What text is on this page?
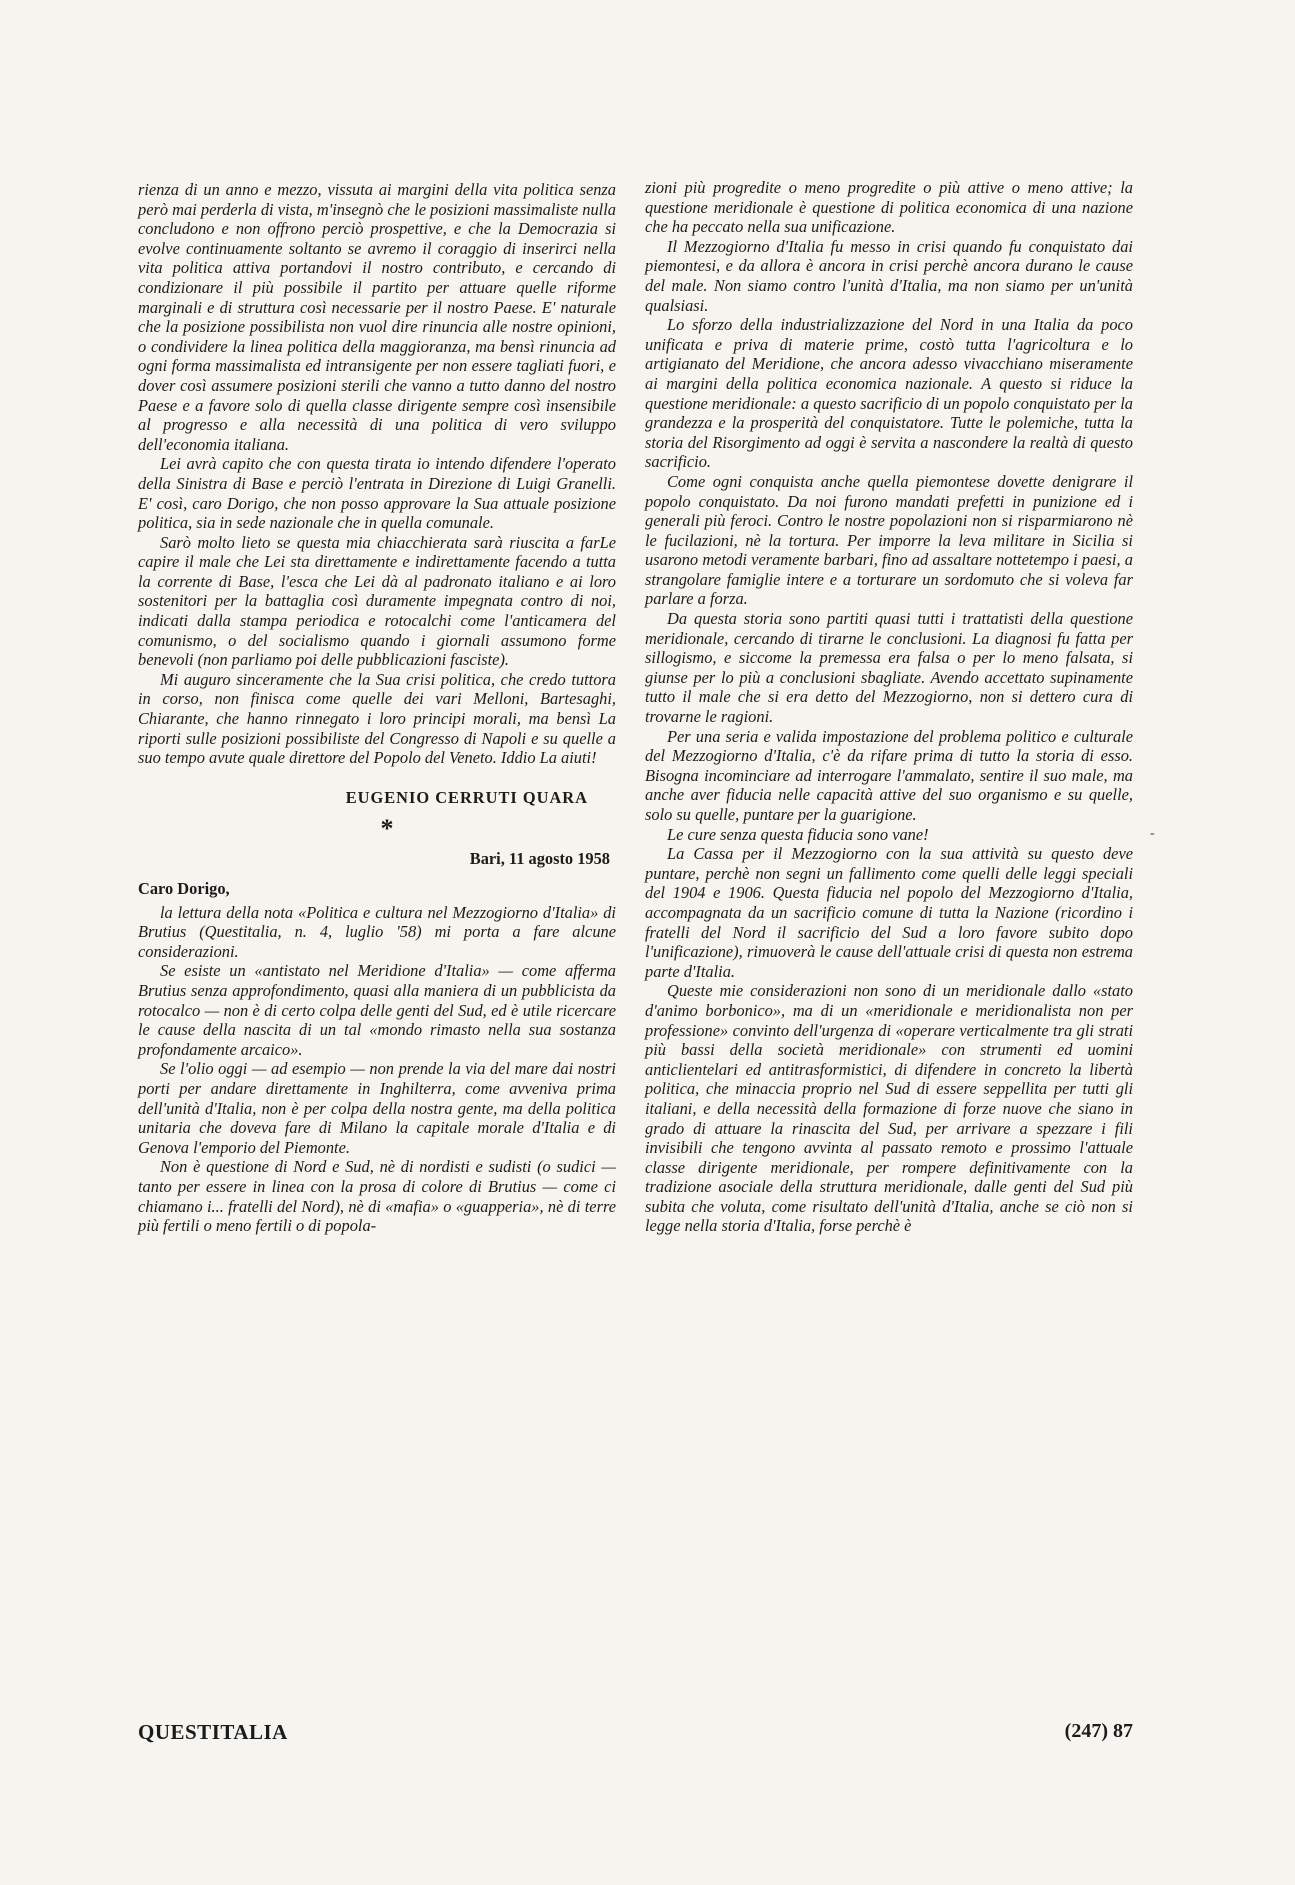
rienza di un anno e mezzo, vissuta ai margini della vita politica senza però mai perderla di vista, m'insegnò che le posizioni massimaliste nulla concludono e non offrono perciò prospettive, e che la Democrazia si evolve continuamente soltanto se avremo il coraggio di inserirci nella vita politica attiva portandovi il nostro contributo, e cercando di condizionare il più possibile il partito per attuare quelle riforme marginali e di struttura così necessarie per il nostro Paese. E' naturale che la posizione possibilista non vuol dire rinuncia alle nostre opinioni, o condividere la linea politica della maggioranza, ma bensì rinuncia ad ogni forma massimalista ed intransigente per non essere tagliati fuori, e dover così assumere posizioni sterili che vanno a tutto danno del nostro Paese e a favore solo di quella classe dirigente sempre così insensibile al progresso e alla necessità di una politica di vero sviluppo dell'economia italiana.

Lei avrà capito che con questa tirata io intendo difendere l'operato della Sinistra di Base e perciò l'entrata in Direzione di Luigi Granelli. E' così, caro Dorigo, che non posso approvare la Sua attuale posizione politica, sia in sede nazionale che in quella comunale.

Sarò molto lieto se questa mia chiacchierata sarà riuscita a farLe capire il male che Lei sta direttamente e indirettamente facendo a tutta la corrente di Base, l'esca che Lei dà al padronato italiano e ai loro sostenitori per la battaglia così duramente impegnata contro di noi, indicati dalla stampa periodica e rotocalchi come l'anticamera del comunismo, o del socialismo quando i giornali assumono forme benevoli (non parliamo poi delle pubblicazioni fasciste).

Mi auguro sinceramente che la Sua crisi politica, che credo tuttora in corso, non finisca come quelle dei vari Melloni, Bartesaghi, Chiarante, che hanno rinnegato i loro principi morali, ma bensì La riporti sulle posizioni possibiliste del Congresso di Napoli e su quelle a suo tempo avute quale direttore del Popolo del Veneto. Iddio La aiuti!

EUGENIO CERRUTI QUARA
*
Bari, 11 agosto 1958

Caro Dorigo,

la lettura della nota «Politica e cultura nel Mezzogiorno d'Italia» di Brutius (Questitalia, n. 4, luglio '58) mi porta a fare alcune considerazioni.

Se esiste un «antistato nel Meridione d'Italia» — come afferma Brutius senza approfondimento, quasi alla maniera di un pubblicista da rotocalco — non è di certo colpa delle genti del Sud, ed è utile ricercare le cause della nascita di un tal «mondo rimasto nella sua sostanza profondamente arcaico».

Se l'olio oggi — ad esempio — non prende la via del mare dai nostri porti per andare direttamente in Inghilterra, come avveniva prima dell'unità d'Italia, non è per colpa della nostra gente, ma della politica unitaria che doveva fare di Milano la capitale morale d'Italia e di Genova l'emporio del Piemonte.

Non è questione di Nord e Sud, nè di nordisti e sudisti (o sudici — tanto per essere in linea con la prosa di colore di Brutius — come ci chiamano i... fratelli del Nord), nè di «mafia» o «guapperia», nè di terre più fertili o meno fertili o di popola-

zioni più progredite o meno progredite o più attive o meno attive; la questione meridionale è questione di politica economica di una nazione che ha peccato nella sua unificazione.

Il Mezzogiorno d'Italia fu messo in crisi quando fu conquistato dai piemontesi, e da allora è ancora in crisi perchè ancora durano le cause del male. Non siamo contro l'unità d'Italia, ma non siamo per un'unità qualsiasi.

Lo sforzo della industrializzazione del Nord in una Italia da poco unificata e priva di materie prime, costò tutta l'agricoltura e lo artigianato del Meridione, che ancora adesso vivacchiano miseramente ai margini della politica economica nazionale. A questo si riduce la questione meridionale: a questo sacrificio di un popolo conquistato per la grandezza e la prosperità del conquistatore. Tutte le polemiche, tutta la storia del Risorgimento ad oggi è servita a nascondere la realtà di questo sacrificio.

Come ogni conquista anche quella piemontese dovette denigrare il popolo conquistato. Da noi furono mandati prefetti in punizione ed i generali più feroci. Contro le nostre popolazioni non si risparmiarono nè le fucilazioni, nè la tortura. Per imporre la leva militare in Sicilia si usarono metodi veramente barbari, fino ad assaltare nottetempo i paesi, a strangolare famiglie intere e a torturare un sordomuto che si voleva far parlare a forza.

Da questa storia sono partiti quasi tutti i trattatisti della questione meridionale, cercando di tirarne le conclusioni. La diagnosi fu fatta per sillogismo, e siccome la premessa era falsa o per lo meno falsata, si giunse per lo più a conclusioni sbagliate. Avendo accettato supinamente tutto il male che si era detto del Mezzogiorno, non si dettero cura di trovarne le ragioni.

Per una seria e valida impostazione del problema politico e culturale del Mezzogiorno d'Italia, c'è da rifare prima di tutto la storia di esso. Bisogna incominciare ad interrogare l'ammalato, sentire il suo male, ma anche aver fiducia nelle capacità attive del suo organismo e su quelle, solo su quelle, puntare per la guarigione.

Le cure senza questa fiducia sono vane!

La Cassa per il Mezzogiorno con la sua attività su questo deve puntare, perchè non segni un fallimento come quelli delle leggi speciali del 1904 e 1906. Questa fiducia nel popolo del Mezzogiorno d'Italia, accompagnata da un sacrificio comune di tutta la Nazione (ricordino i fratelli del Nord il sacrificio del Sud a loro favore subito dopo l'unificazione), rimuoverà le cause dell'attuale crisi di questa non estrema parte d'Italia.

Queste mie considerazioni non sono di un meridionale dallo «stato d'animo borbonico», ma di un «meridionale e meridionalista non per professione» convinto dell'urgenza di «operare verticalmente tra gli strati più bassi della società meridionale» con strumenti ed uomini anticlientelari ed antitrasformistici, di difendere in concreto la libertà politica, che minaccia proprio nel Sud di essere seppellita per tutti gli italiani, e della necessità della formazione di forze nuove che siano in grado di attuare la rinascita del Sud, per arrivare a spezzare i fili invisibili che tengono avvinta al passato remoto e prossimo l'attuale classe dirigente meridionale, per rompere definitivamente con la tradizione asociale della struttura meridionale, dalle genti del Sud più subita che voluta, come risultato dell'unità d'Italia, anche se ciò non si legge nella storia d'Italia, forse perchè è

-
QUESTITALIA	(247) 87
